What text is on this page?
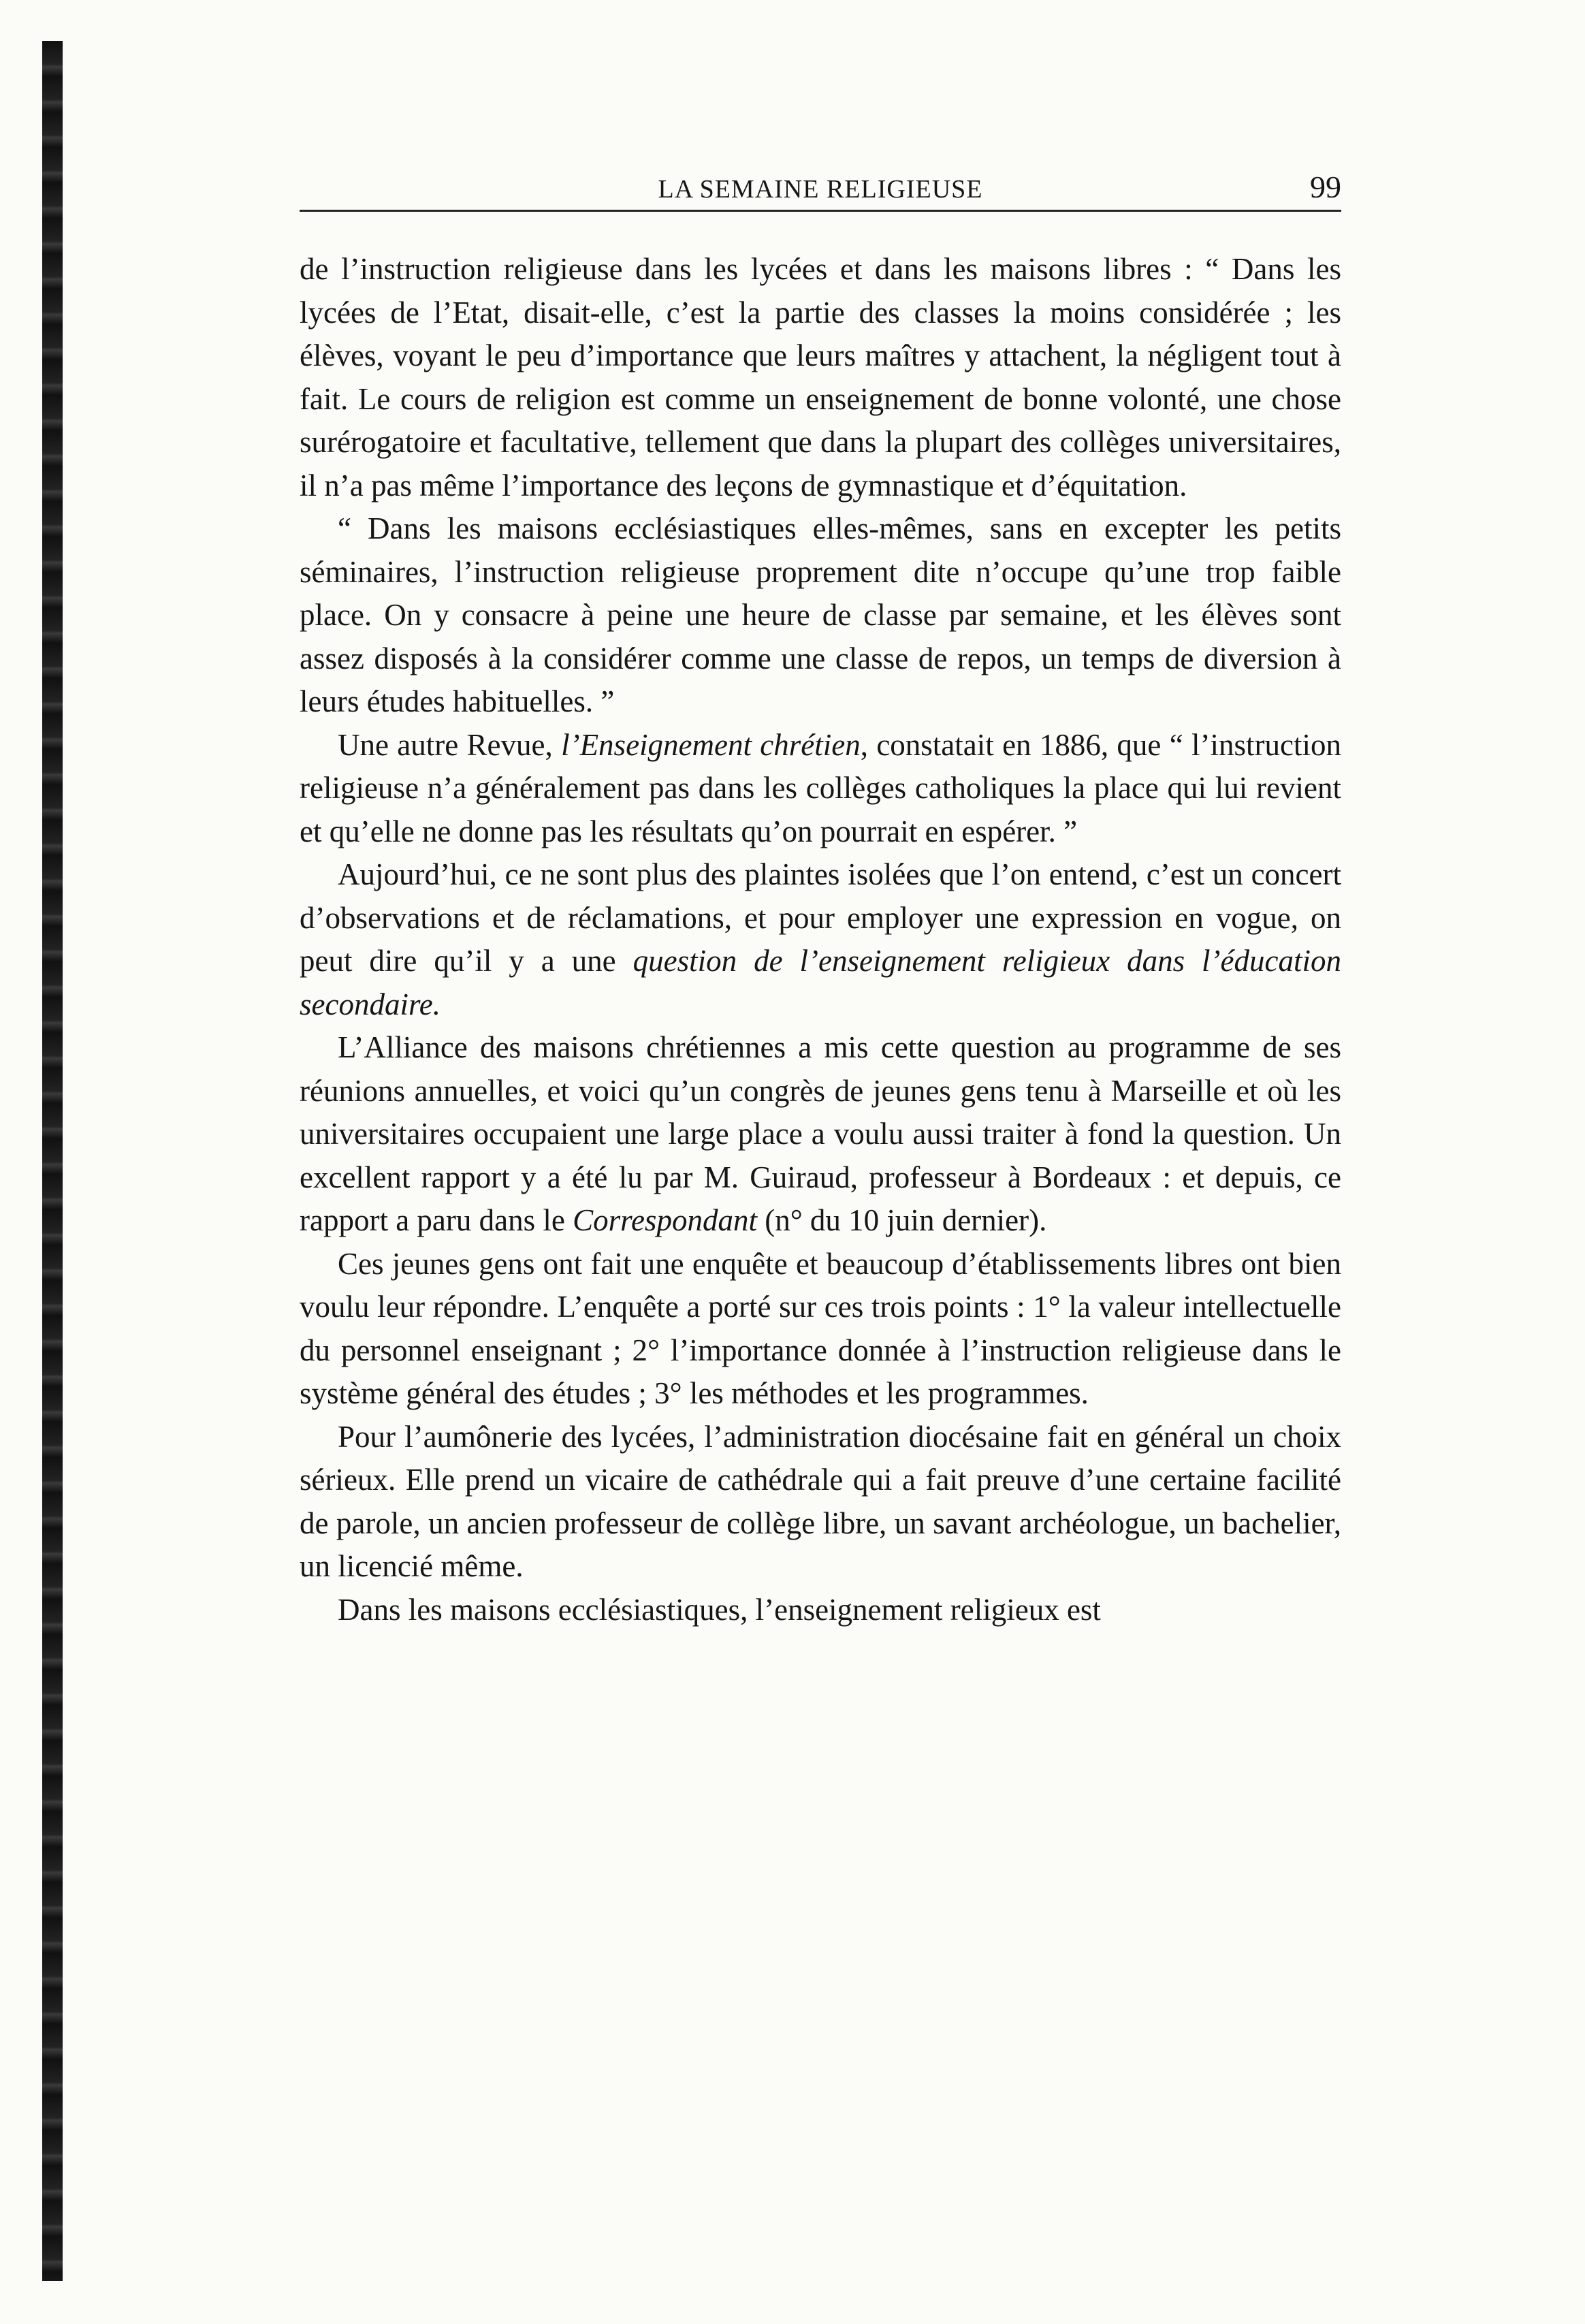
LA SEMAINE RELIGIEUSE	99

de l’instruction religieuse dans les lycées et dans les maisons libres : “ Dans les lycées de l’Etat, disait-elle, c’est la partie des classes la moins considérée ; les élèves, voyant le peu d’importance que leurs maîtres y attachent, la négligent tout à fait. Le cours de religion est comme un enseignement de bonne volonté, une chose surérogatoire et facultative, tellement que dans la plupart des collèges universitaires, il n’a pas même l’importance des leçons de gymnastique et d’équitation.

“ Dans les maisons ecclésiastiques elles-mêmes, sans en excepter les petits séminaires, l’instruction religieuse proprement dite n’occupe qu’une trop faible place. On y consacre à peine une heure de classe par semaine, et les élèves sont assez disposés à la considérer comme une classe de repos, un temps de diversion à leurs études habituelles. ”

Une autre Revue, l’Enseignement chrétien, constatait en 1886, que “ l’instruction religieuse n’a généralement pas dans les collèges catholiques la place qui lui revient et qu’elle ne donne pas les résultats qu’on pourrait en espérer. ”

Aujourd’hui, ce ne sont plus des plaintes isolées que l’on entend, c’est un concert d’observations et de réclamations, et pour employer une expression en vogue, on peut dire qu’il y a une question de l’enseignement religieux dans l’éducation secondaire.

L’Alliance des maisons chrétiennes a mis cette question au programme de ses réunions annuelles, et voici qu’un congrès de jeunes gens tenu à Marseille et où les universitaires occupaient une large place a voulu aussi traiter à fond la question. Un excellent rapport y a été lu par M. Guiraud, professeur à Bordeaux : et depuis, ce rapport a paru dans le Correspondant (n° du 10 juin dernier).

Ces jeunes gens ont fait une enquête et beaucoup d’établissements libres ont bien voulu leur répondre. L’enquête a porté sur ces trois points : 1° la valeur intellectuelle du personnel enseignant ; 2° l’importance donnée à l’instruction religieuse dans le système général des études ; 3° les méthodes et les programmes.

Pour l’aumônerie des lycées, l’administration diocésaine fait en général un choix sérieux. Elle prend un vicaire de cathédrale qui a fait preuve d’une certaine facilité de parole, un ancien professeur de collège libre, un savant archéologue, un bachelier, un licencié même.

Dans les maisons ecclésiastiques, l’enseignement religieux est
